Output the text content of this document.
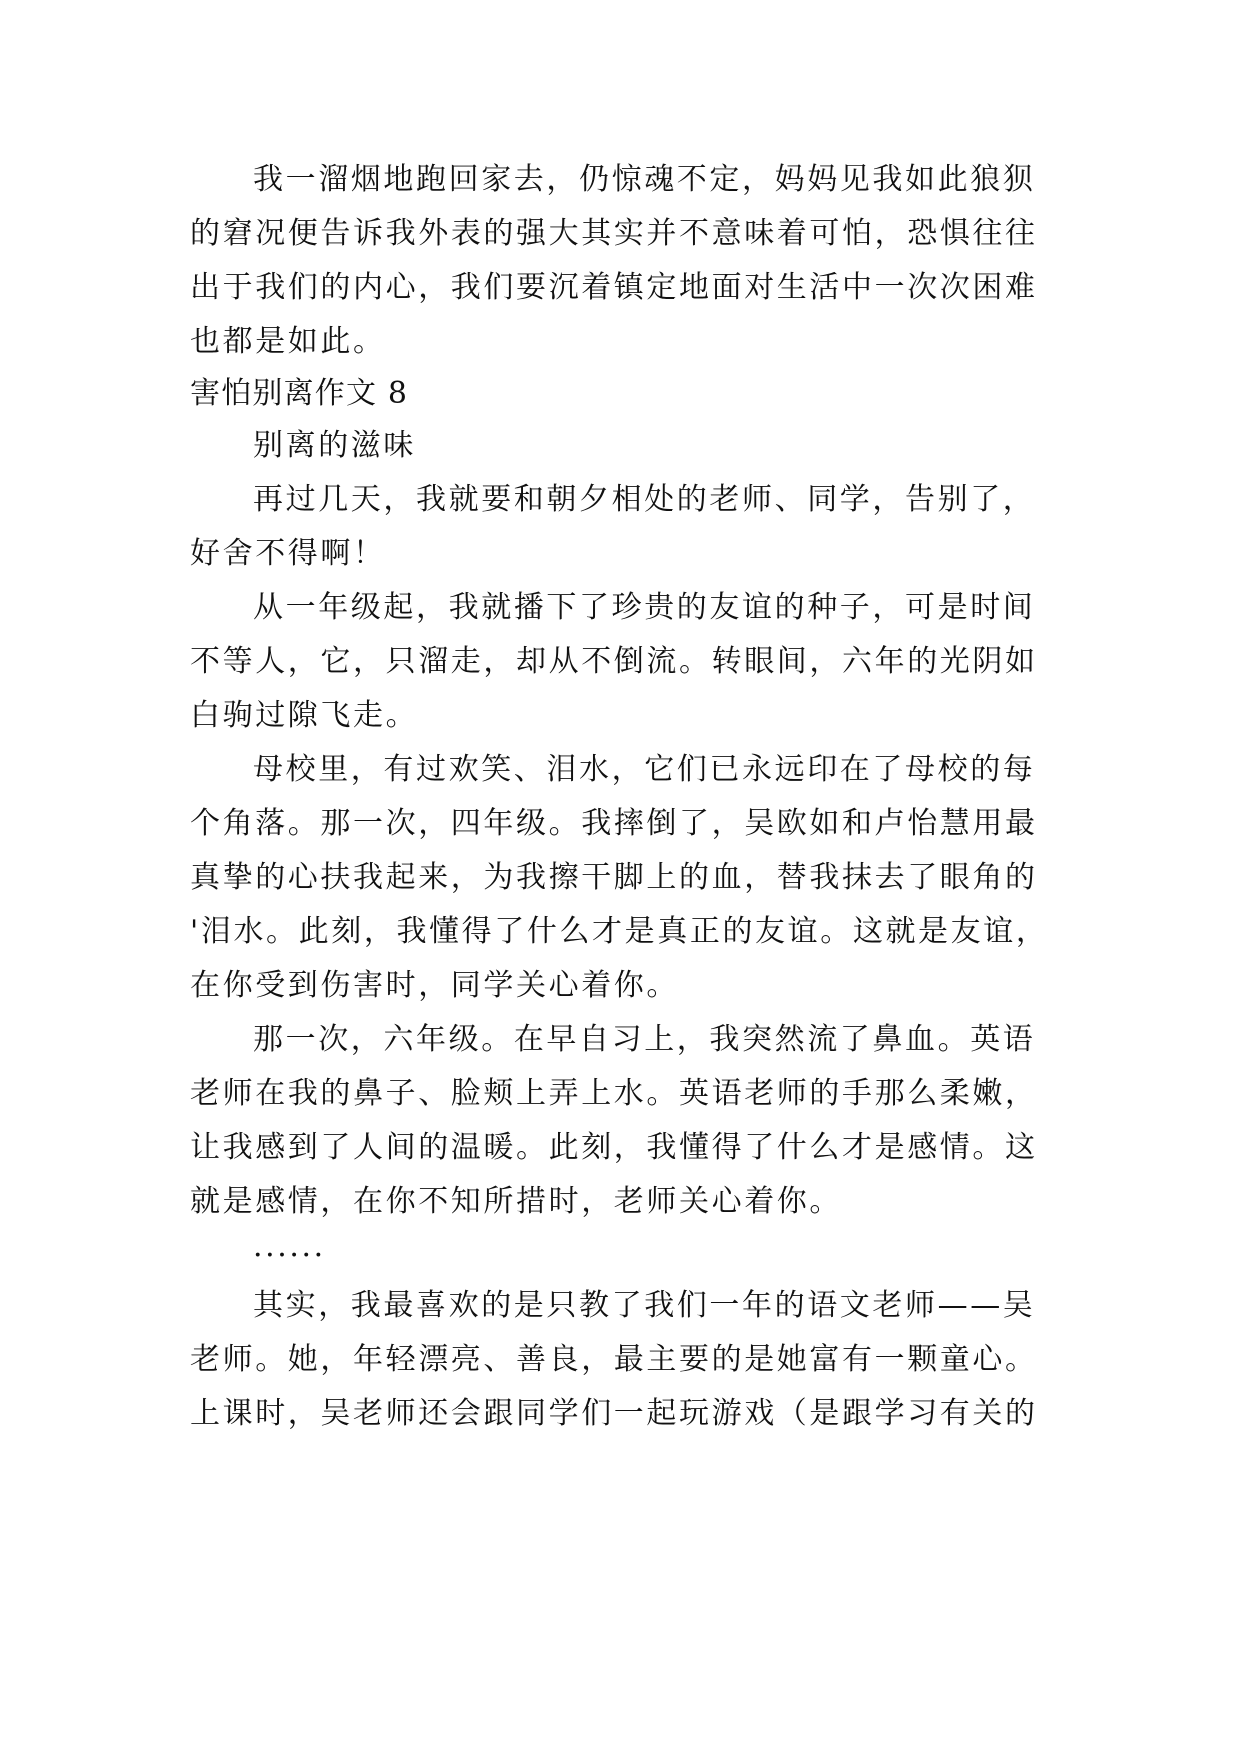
我一溜烟地跑回家去，仍惊魂不定，妈妈见我如此狼狈
的窘况便告诉我外表的强大其实并不意味着可怕，恐惧往往
出于我们的内心，我们要沉着镇定地面对生活中一次次困难
也都是如此。
害怕别离作文 8
别离的滋味
再过几天，我就要和朝夕相处的老师、同学，告别了，
好舍不得啊！
从一年级起，我就播下了珍贵的友谊的种子，可是时间
不等人，它，只溜走，却从不倒流。转眼间，六年的光阴如
白驹过隙飞走。
母校里，有过欢笑、泪水，它们已永远印在了母校的每
个角落。那一次，四年级。我摔倒了，吴欧如和卢怡慧用最
真挚的心扶我起来，为我擦干脚上的血，替我抹去了眼角的
'泪水。此刻，我懂得了什么才是真正的友谊。这就是友谊，
在你受到伤害时，同学关心着你。
那一次，六年级。在早自习上，我突然流了鼻血。英语
老师在我的鼻子、脸颊上弄上水。英语老师的手那么柔嫩，
让我感到了人间的温暖。此刻，我懂得了什么才是感情。这
就是感情，在你不知所措时，老师关心着你。
······
其实，我最喜欢的是只教了我们一年的语文老师——吴
老师。她，年轻漂亮、善良，最主要的是她富有一颗童心。
上课时，吴老师还会跟同学们一起玩游戏（是跟学习有关的
